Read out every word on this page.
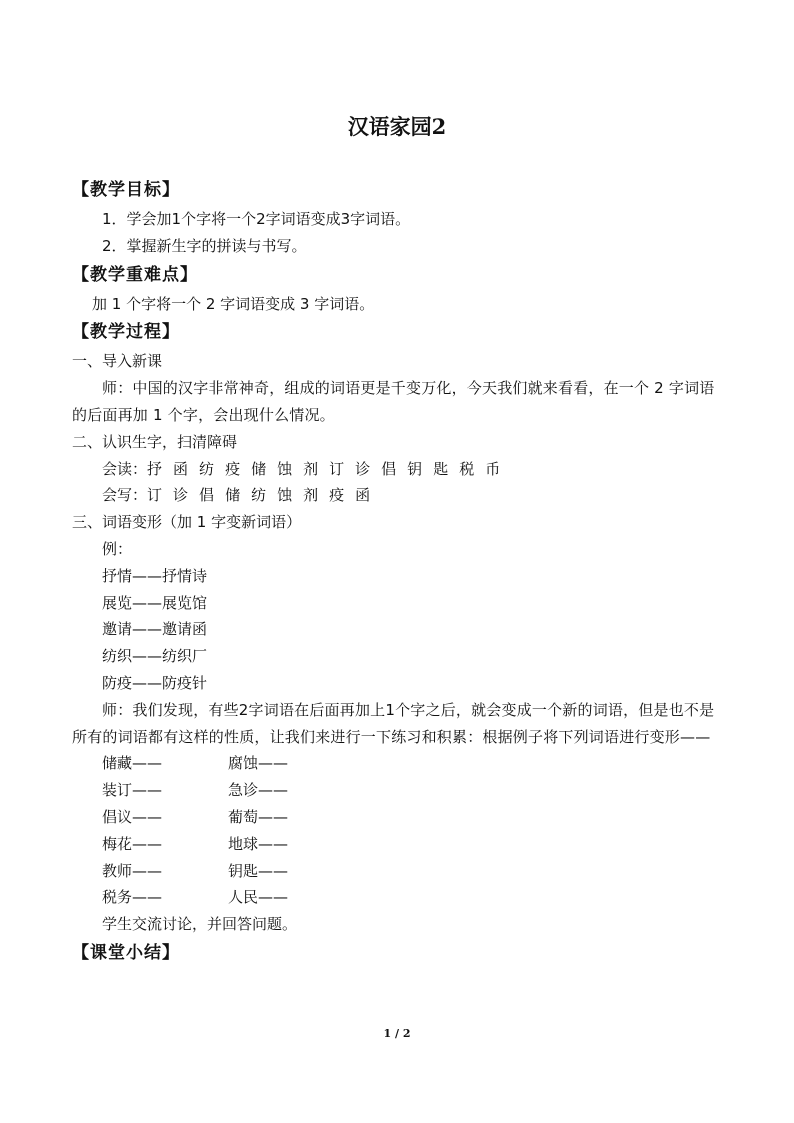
汉语家园2
【教学目标】
1．学会加1个字将一个2字词语变成3字词语。
2．掌握新生字的拼读与书写。
【教学重难点】
加 1 个字将一个 2 字词语变成 3 字词语。
【教学过程】
一、导入新课
师：中国的汉字非常神奇，组成的词语更是千变万化，今天我们就来看看，在一个 2 字词语的后面再加 1 个字，会出现什么情况。
二、认识生字，扫清障碍
会读：抒 函 纺 疫 储 蚀 剂 订 诊 倡 钥 匙 税 币
会写：订 诊 倡 储 纺 蚀 剂 疫 函
三、词语变形（加 1 字变新词语）
例：
抒情——抒情诗
展览——展览馆
邀请——邀请函
纺织——纺织厂
防疫——防疫针
师：我们发现，有些2字词语在后面再加上1个字之后，就会变成一个新的词语，但是也不是所有的词语都有这样的性质，让我们来进行一下练习和积累：根据例子将下列词语进行变形——
储藏——	腐蚀——
装订——	急诊——
倡议——	葡萄——
梅花——	地球——
教师——	钥匙——
税务——	人民——
学生交流讨论，并回答问题。
【课堂小结】
1 / 2
